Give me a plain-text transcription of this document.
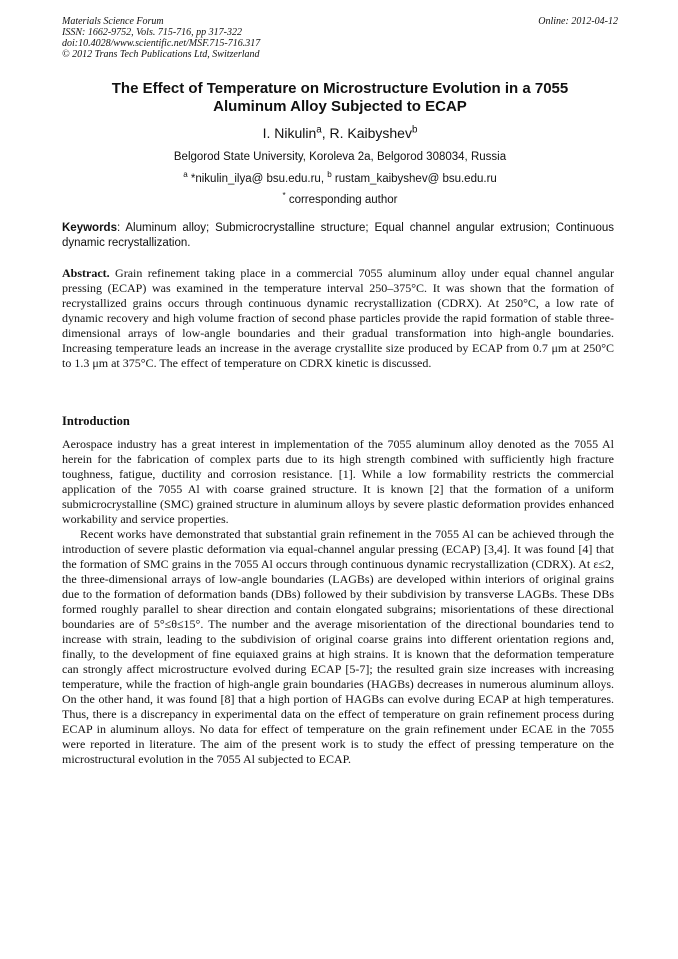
Materials Science Forum
ISSN: 1662-9752, Vols. 715-716, pp 317-322
doi:10.4028/www.scientific.net/MSF.715-716.317
© 2012 Trans Tech Publications Ltd, Switzerland
Online: 2012-04-12
The Effect of Temperature on Microstructure Evolution in a 7055
Aluminum Alloy Subjected to ECAP
I. Nikulin$^a$, R. Kaibyshev$^b$
Belgorod State University, Koroleva 2a, Belgorod 308034, Russia
$^a$ *nikulin_ilya@ bsu.edu.ru, $^b$ rustam_kaibyshev@ bsu.edu.ru
* corresponding author
Keywords: Aluminum alloy; Submicrocrystalline structure; Equal channel angular extrusion; Continuous dynamic recrystallization.
Abstract. Grain refinement taking place in a commercial 7055 aluminum alloy under equal channel angular pressing (ECAP) was examined in the temperature interval 250–375°C. It was shown that the formation of recrystallized grains occurs through continuous dynamic recrystallization (CDRX). At 250°C, a low rate of dynamic recovery and high volume fraction of second phase particles provide the rapid formation of stable three-dimensional arrays of low-angle boundaries and their gradual transformation into high-angle boundaries. Increasing temperature leads an increase in the average crystallite size produced by ECAP from 0.7 μm at 250°C to 1.3 μm at 375°C. The effect of temperature on CDRX kinetic is discussed.
Introduction

Aerospace industry has a great interest in implementation of the 7055 aluminum alloy denoted as the 7055 Al herein for the fabrication of complex parts due to its high strength combined with sufficiently high fracture toughness, fatigue, ductility and corrosion resistance. [1]. While a low formability restricts the commercial application of the 7055 Al with coarse grained structure. It is known [2] that the formation of a uniform submicrocrystalline (SMC) grained structure in aluminum alloys by severe plastic deformation provides enhanced workability and service properties.

Recent works have demonstrated that substantial grain refinement in the 7055 Al can be achieved through the introduction of severe plastic deformation via equal-channel angular pressing (ECAP) [3,4]. It was found [4] that the formation of SMC grains in the 7055 Al occurs through continuous dynamic recrystallization (CDRX). At ε≤2, the three-dimensional arrays of low-angle boundaries (LAGBs) are developed within interiors of original grains due to the formation of deformation bands (DBs) followed by their subdivision by transverse LAGBs. These DBs formed roughly parallel to shear direction and contain elongated subgrains; misorientations of these directional boundaries are of 5°≤θ≤15°. The number and the average misorientation of the directional boundaries tend to increase with strain, leading to the subdivision of original coarse grains into different orientation regions and, finally, to the development of fine equiaxed grains at high strains. It is known that the deformation temperature can strongly affect microstructure evolved during ECAP [5-7]; the resulted grain size increases with increasing temperature, while the fraction of high-angle grain boundaries (HAGBs) decreases in numerous aluminum alloys. On the other hand, it was found [8] that a high portion of HAGBs can evolve during ECAP at high temperatures. Thus, there is a discrepancy in experimental data on the effect of temperature on grain refinement process during ECAP in aluminum alloys. No data for effect of temperature on the grain refinement under ECAE in the 7055 were reported in literature. The aim of the present work is to study the effect of pressing temperature on the microstructural evolution in the 7055 Al subjected to ECAP.
